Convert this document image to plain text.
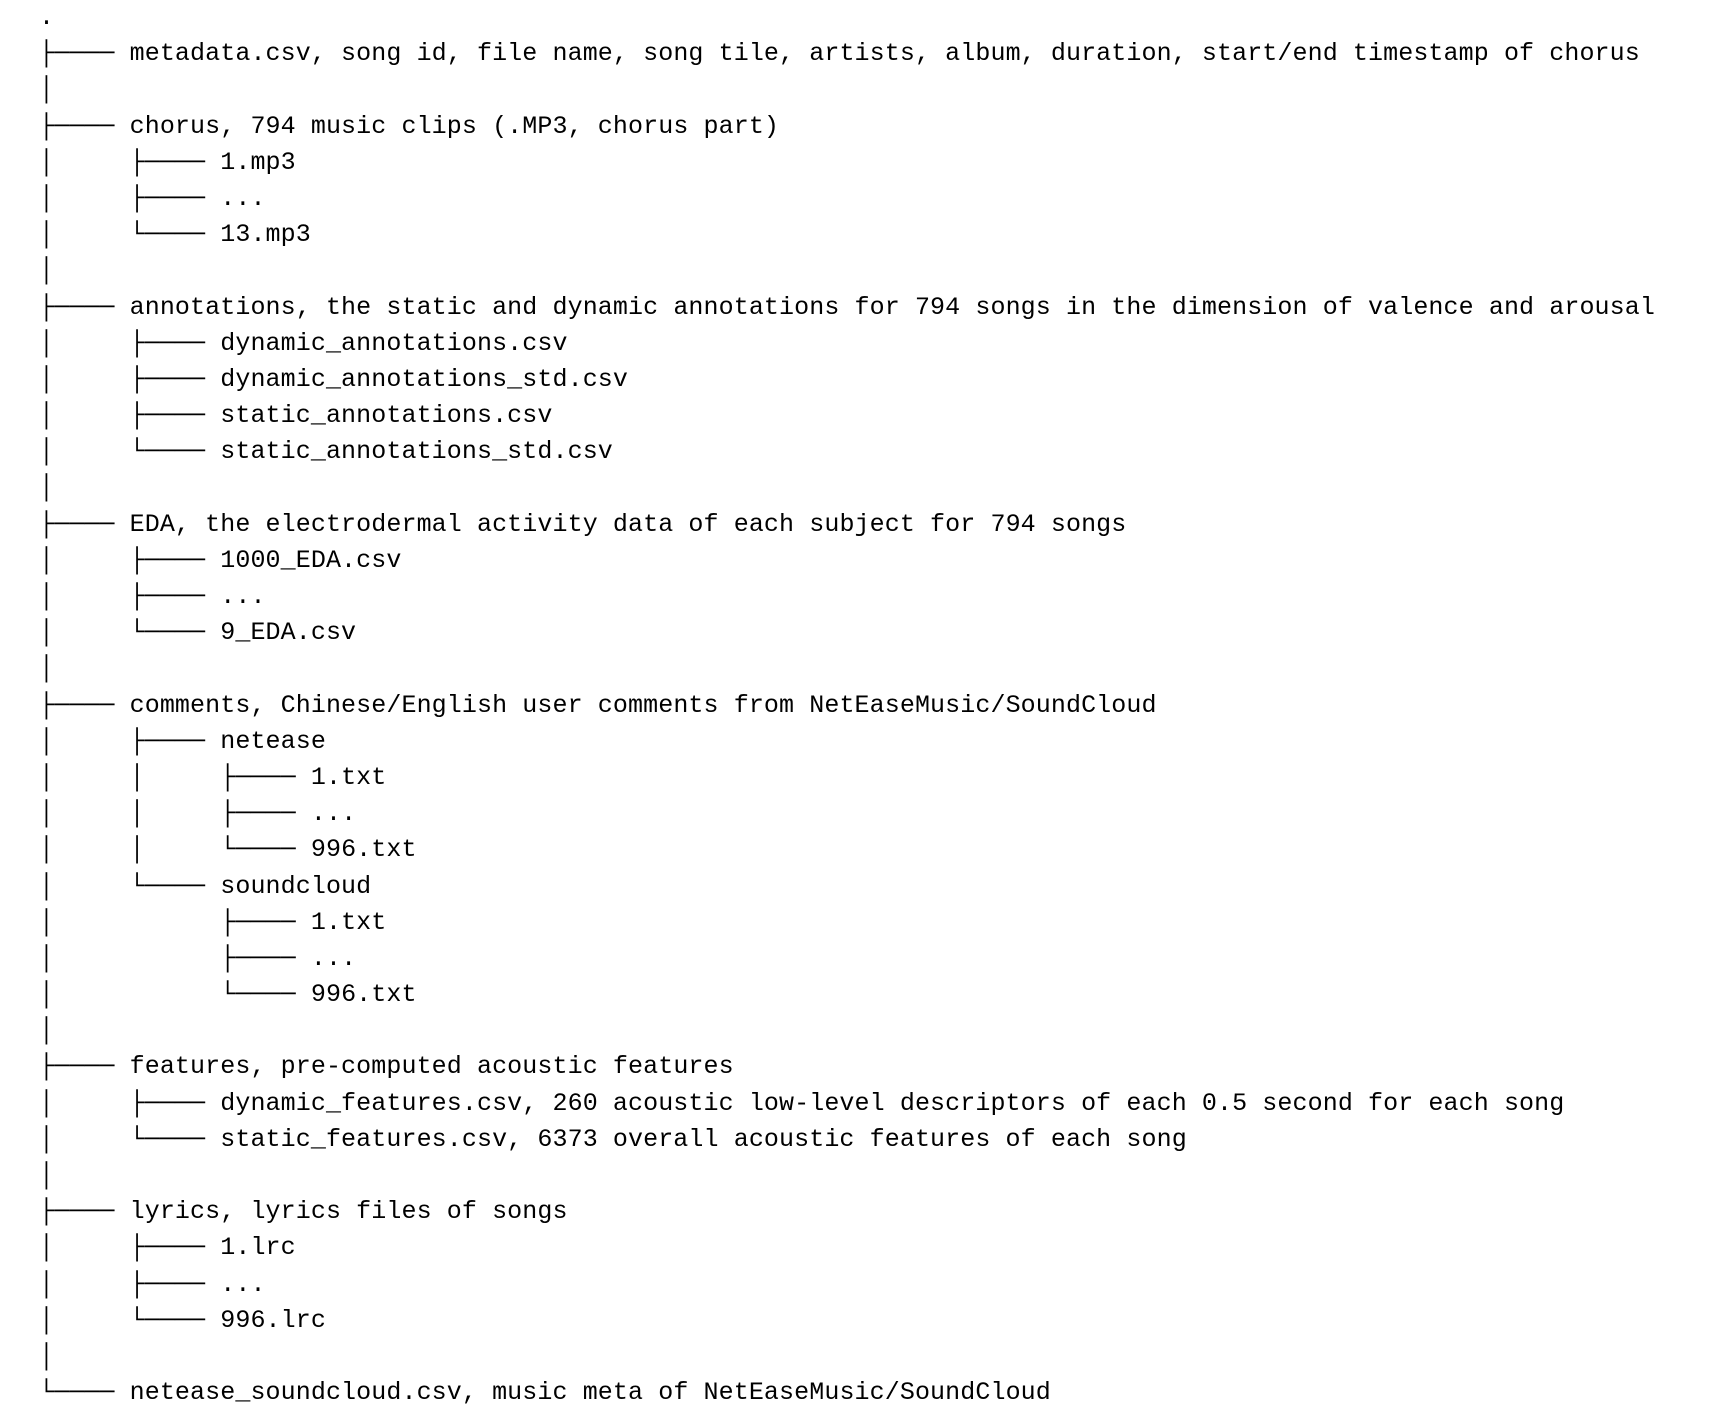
.
├──── metadata.csv, song id, file name, song tile, artists, album, duration, start/end timestamp of chorus
│
├──── chorus, 794 music clips (.MP3, chorus part)
│     ├──── 1.mp3
│     ├──── ...
│     └──── 13.mp3
│
├──── annotations, the static and dynamic annotations for 794 songs in the dimension of valence and arousal
│     ├──── dynamic_annotations.csv
│     ├──── dynamic_annotations_std.csv
│     ├──── static_annotations.csv
│     └──── static_annotations_std.csv
│
├──── EDA, the electrodermal activity data of each subject for 794 songs
│     ├──── 1000_EDA.csv
│     ├──── ...
│     └──── 9_EDA.csv
│
├──── comments, Chinese/English user comments from NetEaseMusic/SoundCloud
│     ├──── netease
│     │     ├──── 1.txt
│     │     ├──── ...
│     │     └──── 996.txt
│     └──── soundcloud
│           ├──── 1.txt
│           ├──── ...
│           └──── 996.txt
│
├──── features, pre-computed acoustic features
│     ├──── dynamic_features.csv, 260 acoustic low-level descriptors of each 0.5 second for each song
│     └──── static_features.csv, 6373 overall acoustic features of each song
│
├──── lyrics, lyrics files of songs
│     ├──── 1.lrc
│     ├──── ...
│     └──── 996.lrc
│
└──── netease_soundcloud.csv, music meta of NetEaseMusic/SoundCloud
